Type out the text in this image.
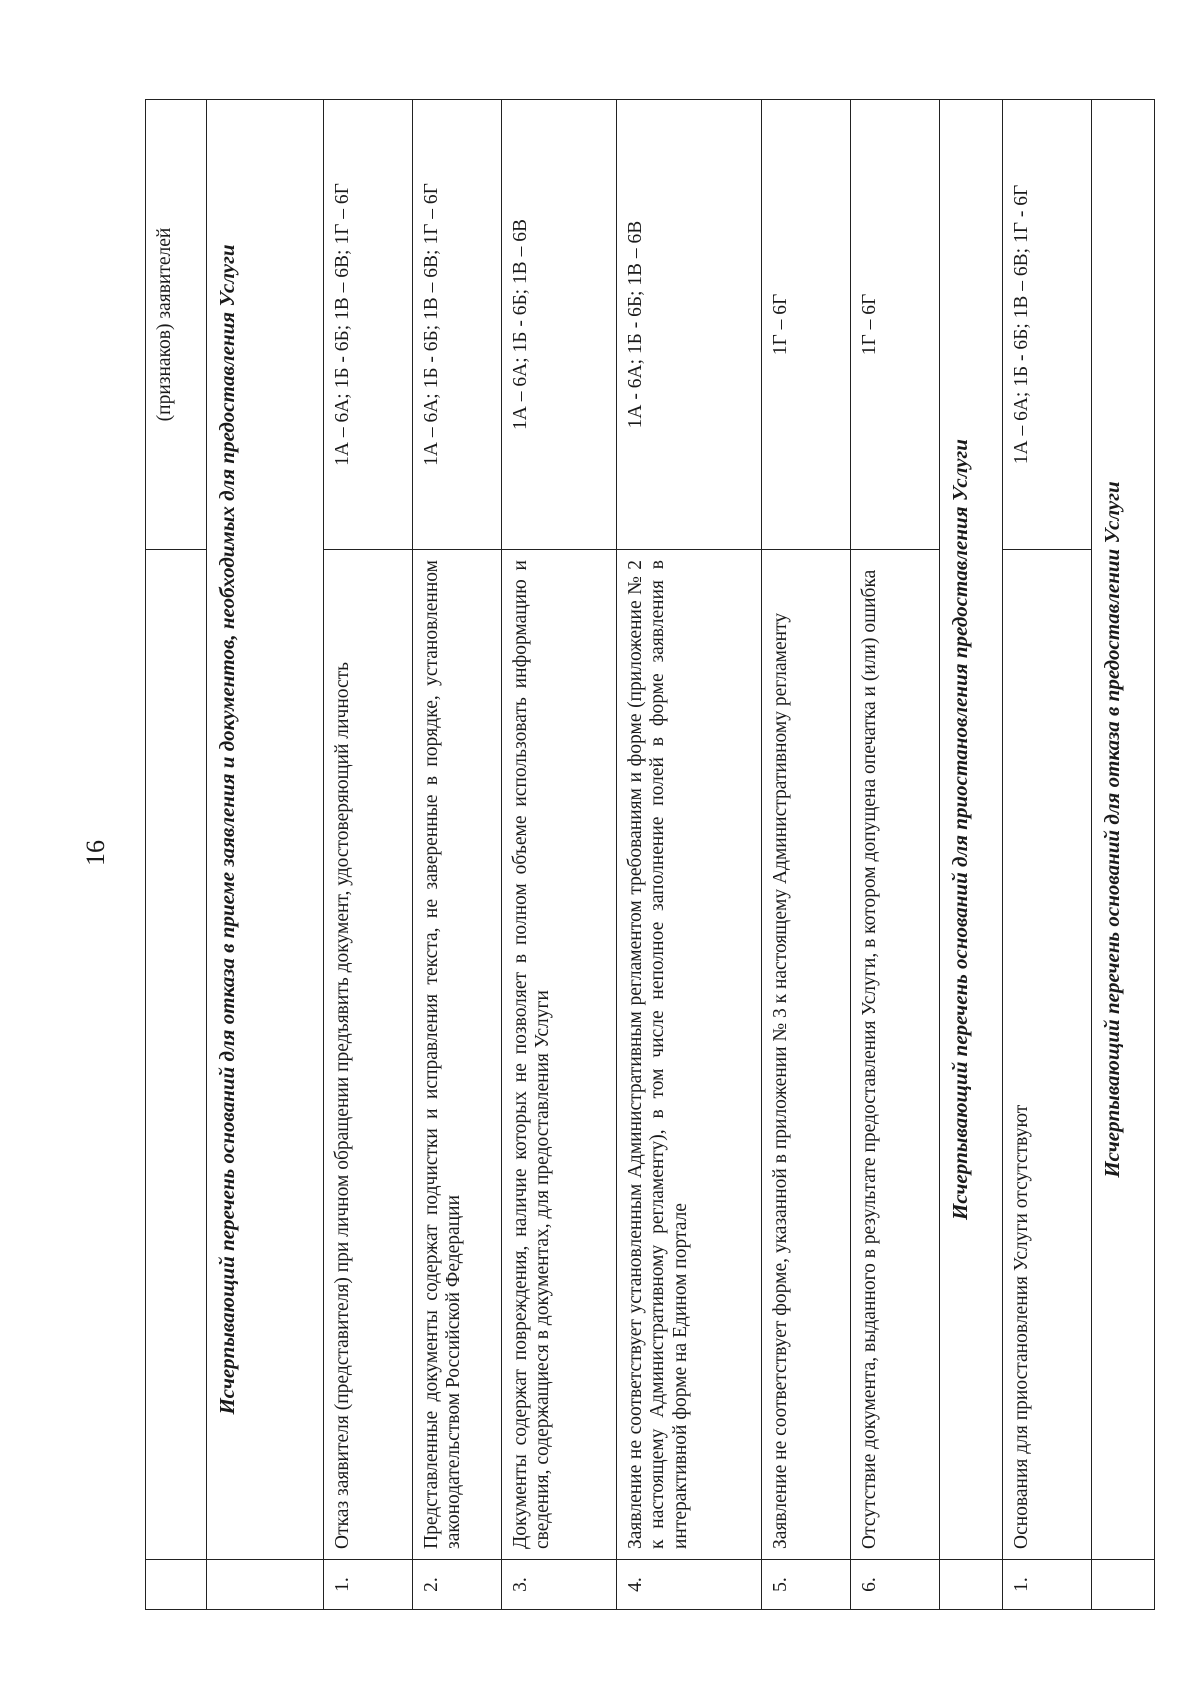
16
		(признаков) заявителей
	Исчерпывающий перечень оснований для отказа в приеме заявления и документов, необходимых для предоставления Услуги	
1.	Отказ заявителя (представителя) при личном обращении предъявить документ, удостоверяющий личность	1А – 6А; 1Б - 6Б; 1В – 6В; 1Г – 6Г
2.	Представленные документы содержат подчистки и исправления текста, не заверенные в порядке, установленном законодательством Российской Федерации	1А – 6А; 1Б - 6Б; 1В – 6В; 1Г – 6Г
3.	Документы содержат повреждения, наличие которых не позволяет в полном объеме использовать информацию и сведения, содержащиеся в документах, для предоставления Услуги	1А – 6А; 1Б - 6Б; 1В – 6В
4.	Заявление не соответствует установленным Административным регламентом требованиям и форме (приложение № 2 к настоящему Административному регламенту), в том числе неполное заполнение полей в форме заявления в интерактивной форме на Едином портале	1А - 6А; 1Б - 6Б; 1В – 6В
5.	Заявление не соответствует форме, указанной в приложении № 3 к настоящему Административному регламенту	1Г – 6Г
6.	Отсутствие документа, выданного в результате предоставления Услуги, в котором допущена опечатка и (или) ошибка	1Г – 6Г
	Исчерпывающий перечень оснований для приостановления предоставления Услуги	
1.	Основания для приостановления Услуги отсутствуют	1А – 6А; 1Б - 6Б; 1В – 6В; 1Г - 6Г
	Исчерпывающий перечень оснований для отказа в предоставлении Услуги	
